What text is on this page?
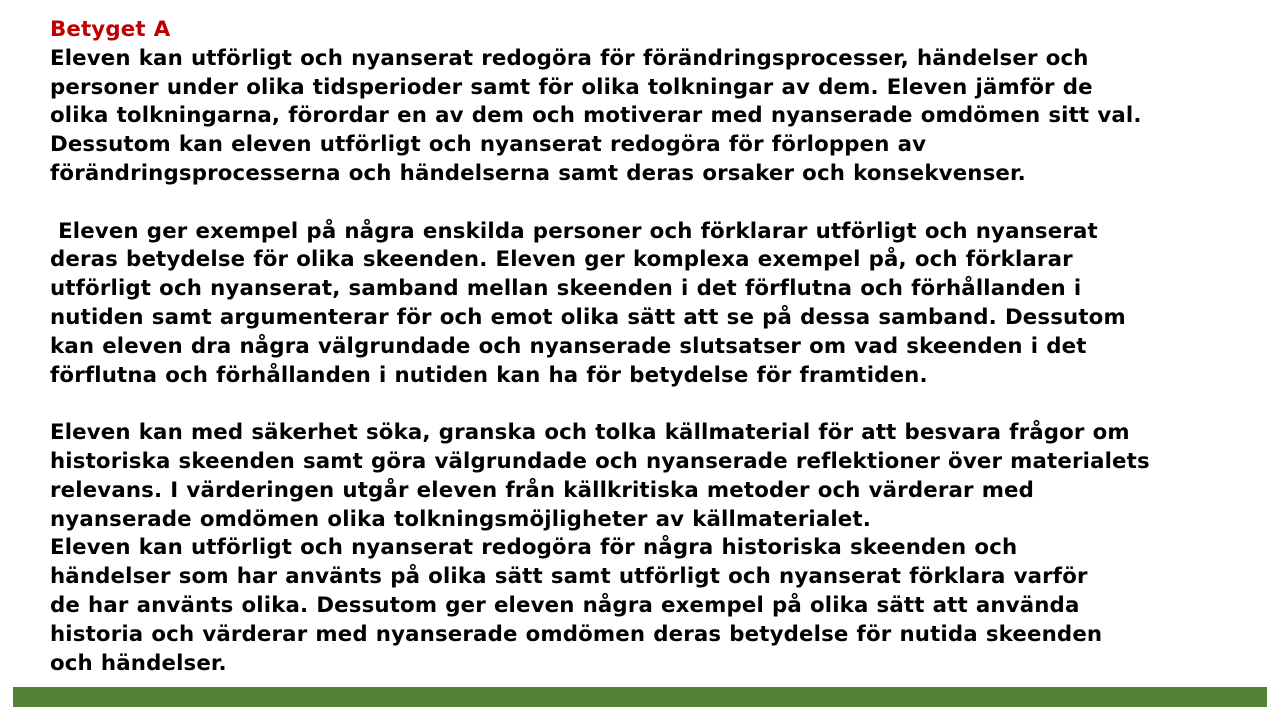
Betyget A
Eleven kan utförligt och nyanserat redogöra för förändringsprocesser, händelser och
personer under olika tidsperioder samt för olika tolkningar av dem. Eleven jämför de
olika tolkningarna, förordar en av dem och motiverar med nyanserade omdömen sitt val.
Dessutom kan eleven utförligt och nyanserat redogöra för förloppen av
förändringsprocesserna och händelserna samt deras orsaker och konsekvenser.
Eleven ger exempel på några enskilda personer och förklarar utförligt och nyanserat
deras betydelse för olika skeenden. Eleven ger komplexa exempel på, och förklarar
utförligt och nyanserat, samband mellan skeenden i det förflutna och förhållanden i
nutiden samt argumenterar för och emot olika sätt att se på dessa samband. Dessutom
kan eleven dra några välgrundade och nyanserade slutsatser om vad skeenden i det
förflutna och förhållanden i nutiden kan ha för betydelse för framtiden.
Eleven kan med säkerhet söka, granska och tolka källmaterial för att besvara frågor om
historiska skeenden samt göra välgrundade och nyanserade reflektioner över materialets
relevans. I värderingen utgår eleven från källkritiska metoder och värderar med
nyanserade omdömen olika tolkningsmöjligheter av källmaterialet.
Eleven kan utförligt och nyanserat redogöra för några historiska skeenden och
händelser som har använts på olika sätt samt utförligt och nyanserat förklara varför
de har använts olika. Dessutom ger eleven några exempel på olika sätt att använda
historia och värderar med nyanserade omdömen deras betydelse för nutida skeenden
och händelser.
